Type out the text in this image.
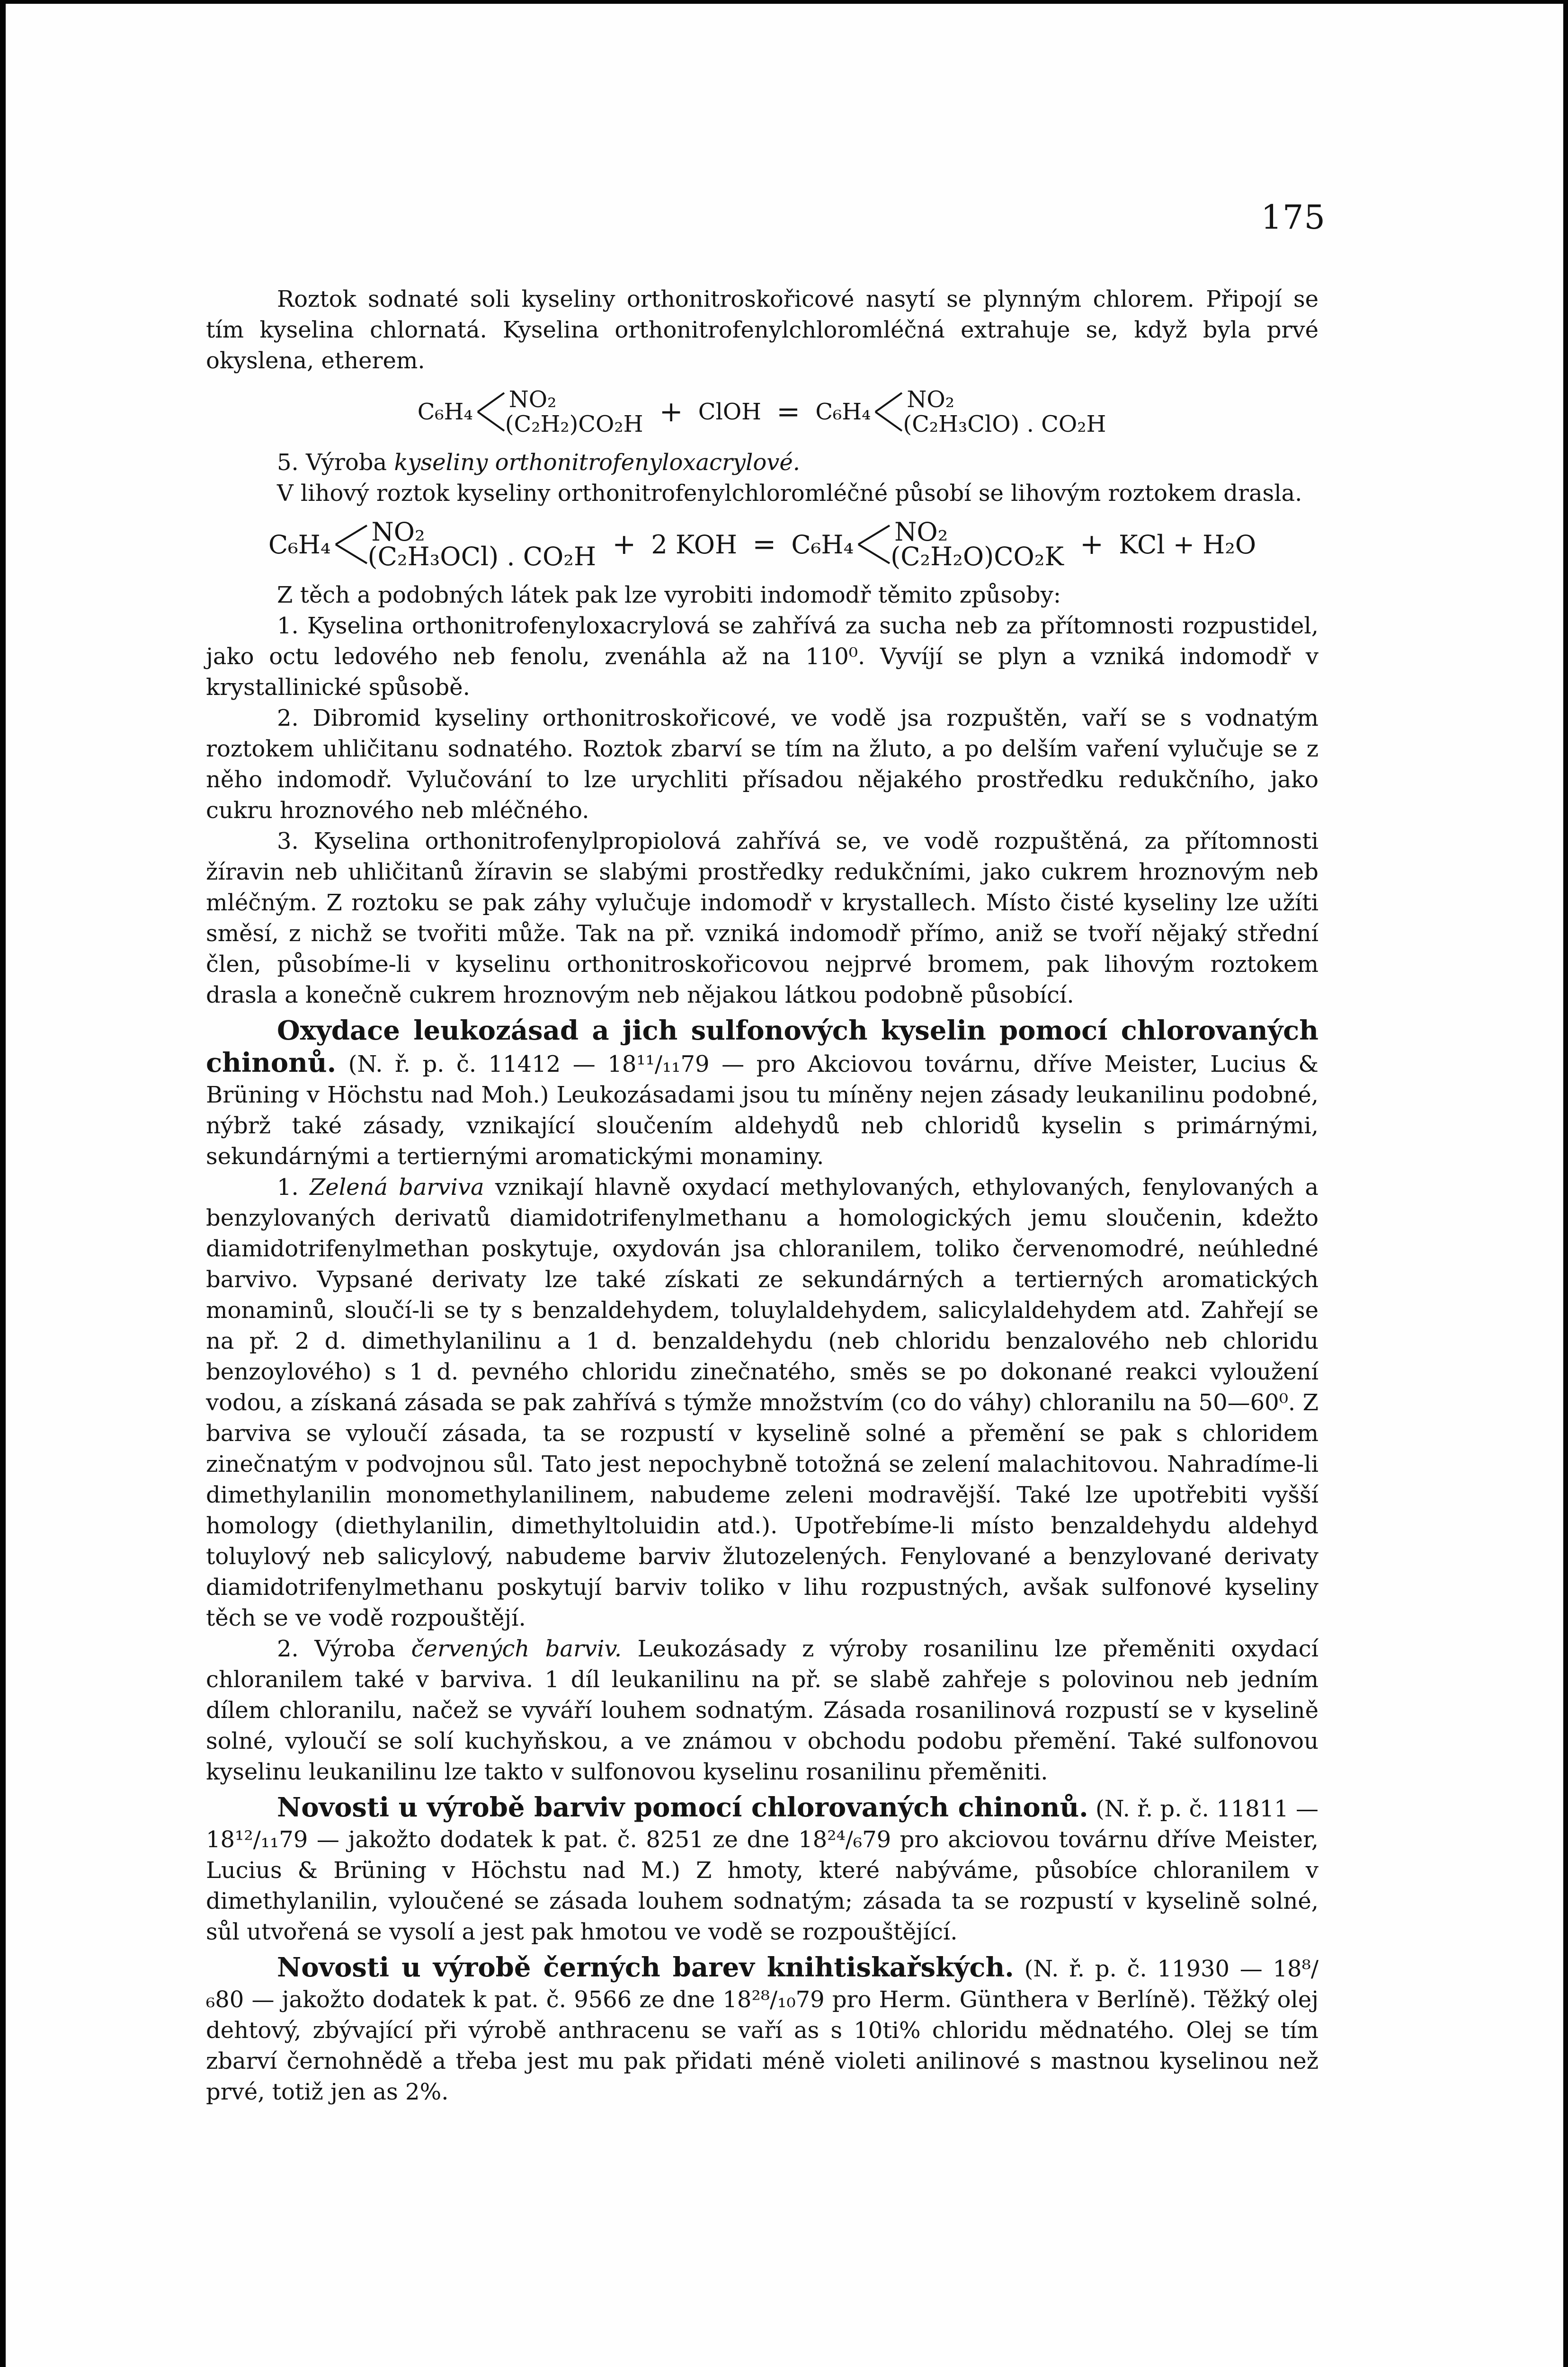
175

Roztok sodnaté soli kyseliny orthonitroskořicové nasytí se plynným chlorem. Připojí se tím kyselina chlornatá. Kyselina orthonitrofenylchloromléčná extrahuje se, když byla prvé okyslena, etherem.

C₆H₄ NO₂
(C₂H₂)CO₂H + ClOH = C₆H₄ NO₂
(C₂H₃ClO) . CO₂H

5. Výroba kyseliny orthonitrofenyloxacrylové.

V lihový roztok kyseliny orthonitrofenylchloromléčné působí se lihovým roztokem drasla.

C₆H₄ NO₂
(C₂H₃OCl) . CO₂H + 2 KOH = C₆H₄ NO₂
(C₂H₂O)CO₂K + KCl + H₂O

Z těch a podobných látek pak lze vyrobiti indomodř těmito způsoby:

1. Kyselina orthonitrofenyloxacrylová se zahřívá za sucha neb za přítomnosti rozpustidel, jako octu ledového neb fenolu, zvenáhla až na 110⁰. Vyvíjí se plyn a vzniká indomodř v krystallinické spůsobě.

2. Dibromid kyseliny orthonitroskořicové, ve vodě jsa rozpuštěn, vaří se s vodnatým roztokem uhličitanu sodnatého. Roztok zbarví se tím na žluto, a po delším vaření vylučuje se z něho indomodř. Vylučování to lze urychliti přísadou nějakého prostředku redukčního, jako cukru hroznového neb mléčného.

3. Kyselina orthonitrofenylpropiolová zahřívá se, ve vodě rozpuštěná, za přítomnosti žíravin neb uhličitanů žíravin se slabými prostředky redukčními, jako cukrem hroznovým neb mléčným. Z roztoku se pak záhy vylučuje indomodř v krystallech. Místo čisté kyseliny lze užíti směsí, z nichž se tvořiti může. Tak na př. vzniká indomodř přímo, aniž se tvoří nějaký střední člen, působíme-li v kyselinu orthonitroskořicovou nejprvé bromem, pak lihovým roztokem drasla a konečně cukrem hroznovým neb nějakou látkou podobně působící.

Oxydace leukozásad a jich sulfonových kyselin pomocí chlorovaných chinonů. (N. ř. p. č. 11412 — 18¹¹/₁₁79 — pro Akciovou továrnu, dříve Meister, Lucius & Brüning v Höchstu nad Moh.) Leukozásadami jsou tu míněny nejen zásady leukanilinu podobné, nýbrž také zásady, vznikající sloučením aldehydů neb chloridů kyselin s primárnými, sekundárnými a tertiernými aromatickými monaminy.

1. Zelená barviva vznikají hlavně oxydací methylovaných, ethylovaných, fenylovaných a benzylovaných derivatů diamidotrifenylmethanu a homologických jemu sloučenin, kdežto diamidotrifenylmethan poskytuje, oxydován jsa chloranilem, toliko červenomodré, neúhledné barvivo. Vypsané derivaty lze také získati ze sekundárných a tertierných aromatických monaminů, sloučí-li se ty s benzaldehydem, toluylaldehydem, salicylaldehydem atd. Zahřejí se na př. 2 d. dimethylanilinu a 1 d. benzaldehydu (neb chloridu benzalového neb chloridu benzoylového) s 1 d. pevného chloridu zinečnatého, směs se po dokonané reakci vyloužení vodou, a získaná zásada se pak zahřívá s týmže množstvím (co do váhy) chloranilu na 50—60⁰. Z barviva se vyloučí zásada, ta se rozpustí v kyselině solné a přemění se pak s chloridem zinečnatým v podvojnou sůl. Tato jest nepochybně totožná se zelení malachitovou. Nahradíme-li dimethylanilin monomethylanilinem, nabudeme zeleni modravější. Také lze upotřebiti vyšší homology (diethylanilin, dimethyltoluidin atd.). Upotřebíme-li místo benzaldehydu aldehyd toluylový neb salicylový, nabudeme barviv žlutozelených. Fenylované a benzylované derivaty diamidotrifenylmethanu poskytují barviv toliko v lihu rozpustných, avšak sulfonové kyseliny těch se ve vodě rozpouštějí.

2. Výroba červených barviv. Leukozásady z výroby rosanilinu lze přeměniti oxydací chloranilem také v barviva. 1 díl leukanilinu na př. se slabě zahřeje s polovinou neb jedním dílem chloranilu, načež se vyváří louhem sodnatým. Zásada rosanilinová rozpustí se v kyselině solné, vyloučí se solí kuchyňskou, a ve známou v obchodu podobu přemění. Také sulfonovou kyselinu leukanilinu lze takto v sulfonovou kyselinu rosanilinu přeměniti.

Novosti u výrobě barviv pomocí chlorovaných chinonů. (N. ř. p. č. 11811 — 18¹²/₁₁79 — jakožto dodatek k pat. č. 8251 ze dne 18²⁴/₆79 pro akciovou továrnu dříve Meister, Lucius & Brüning v Höchstu nad M.) Z hmoty, které nabýváme, působíce chloranilem v dimethylanilin, vyloučené se zásada louhem sodnatým; zásada ta se rozpustí v kyselině solné, sůl utvořená se vysolí a jest pak hmotou ve vodě se rozpouštějící.

Novosti u výrobě černých barev knihtiskařských. (N. ř. p. č. 11930 — 18⁸/₆80 — jakožto dodatek k pat. č. 9566 ze dne 18²⁸/₁₀79 pro Herm. Günthera v Berlíně). Těžký olej dehtový, zbývající při výrobě anthracenu se vaří as s 10ti% chloridu mědnatého. Olej se tím zbarví černohnědě a třeba jest mu pak přidati méně violeti anilinové s mastnou kyselinou než prvé, totiž jen as 2%.
